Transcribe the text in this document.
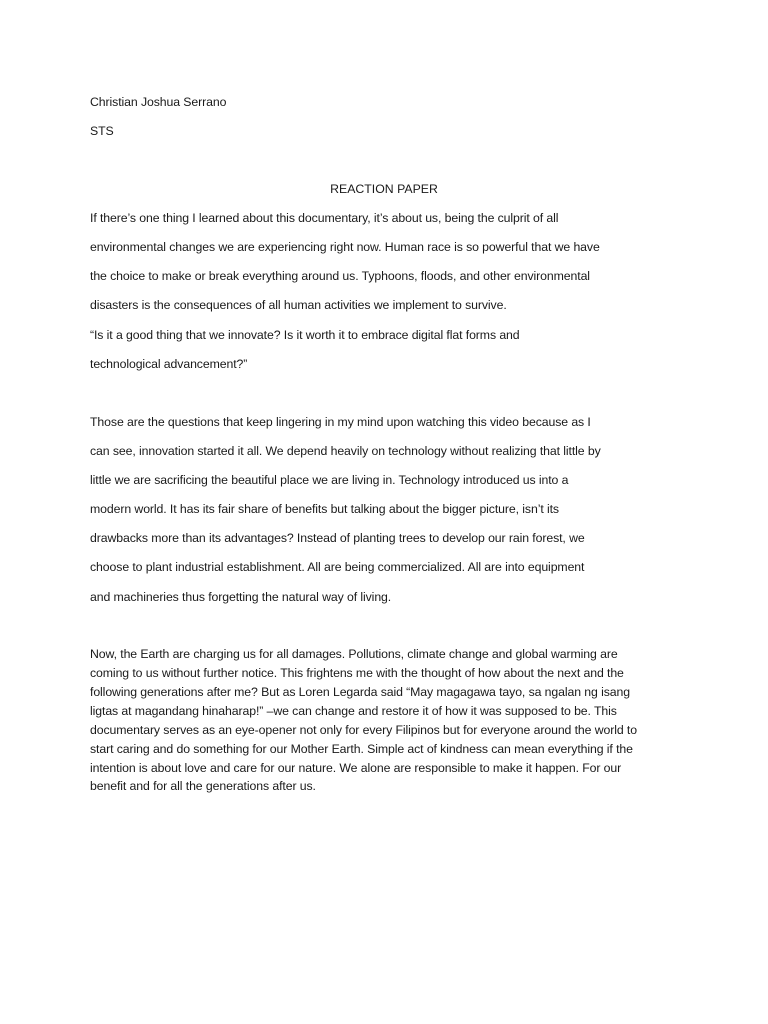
Christian Joshua Serrano
STS
REACTION PAPER
If there’s one thing I learned about this documentary, it’s about us, being the culprit of all
environmental changes we are experiencing right now. Human race is so powerful that we have
the choice to make or break everything around us. Typhoons, floods, and other environmental
disasters is the consequences of all human activities we implement to survive.
“Is it a good thing that we innovate? Is it worth it to embrace digital flat forms and
technological advancement?”
Those are the questions that keep lingering in my mind upon watching this video because as I
can see, innovation started it all. We depend heavily on technology without realizing that little by
little we are sacrificing the beautiful place we are living in. Technology introduced us into a
modern world. It has its fair share of benefits but talking about the bigger picture, isn’t its
drawbacks more than its advantages? Instead of planting trees to develop our rain forest, we
choose to plant industrial establishment. All are being commercialized. All are into equipment
and machineries thus forgetting the natural way of living.
Now, the Earth are charging us for all damages. Pollutions, climate change and global warming are
coming to us without further notice. This frightens me with the thought of how about the next and the
following generations after me? But as Loren Legarda said “May magagawa tayo, sa ngalan ng isang
ligtas at magandang hinaharap!” –we can change and restore it of how it was supposed to be. This
documentary serves as an eye-opener not only for every Filipinos but for everyone around the world to
start caring and do something for our Mother Earth. Simple act of kindness can mean everything if the
intention is about love and care for our nature. We alone are responsible to make it happen. For our
benefit and for all the generations after us.
